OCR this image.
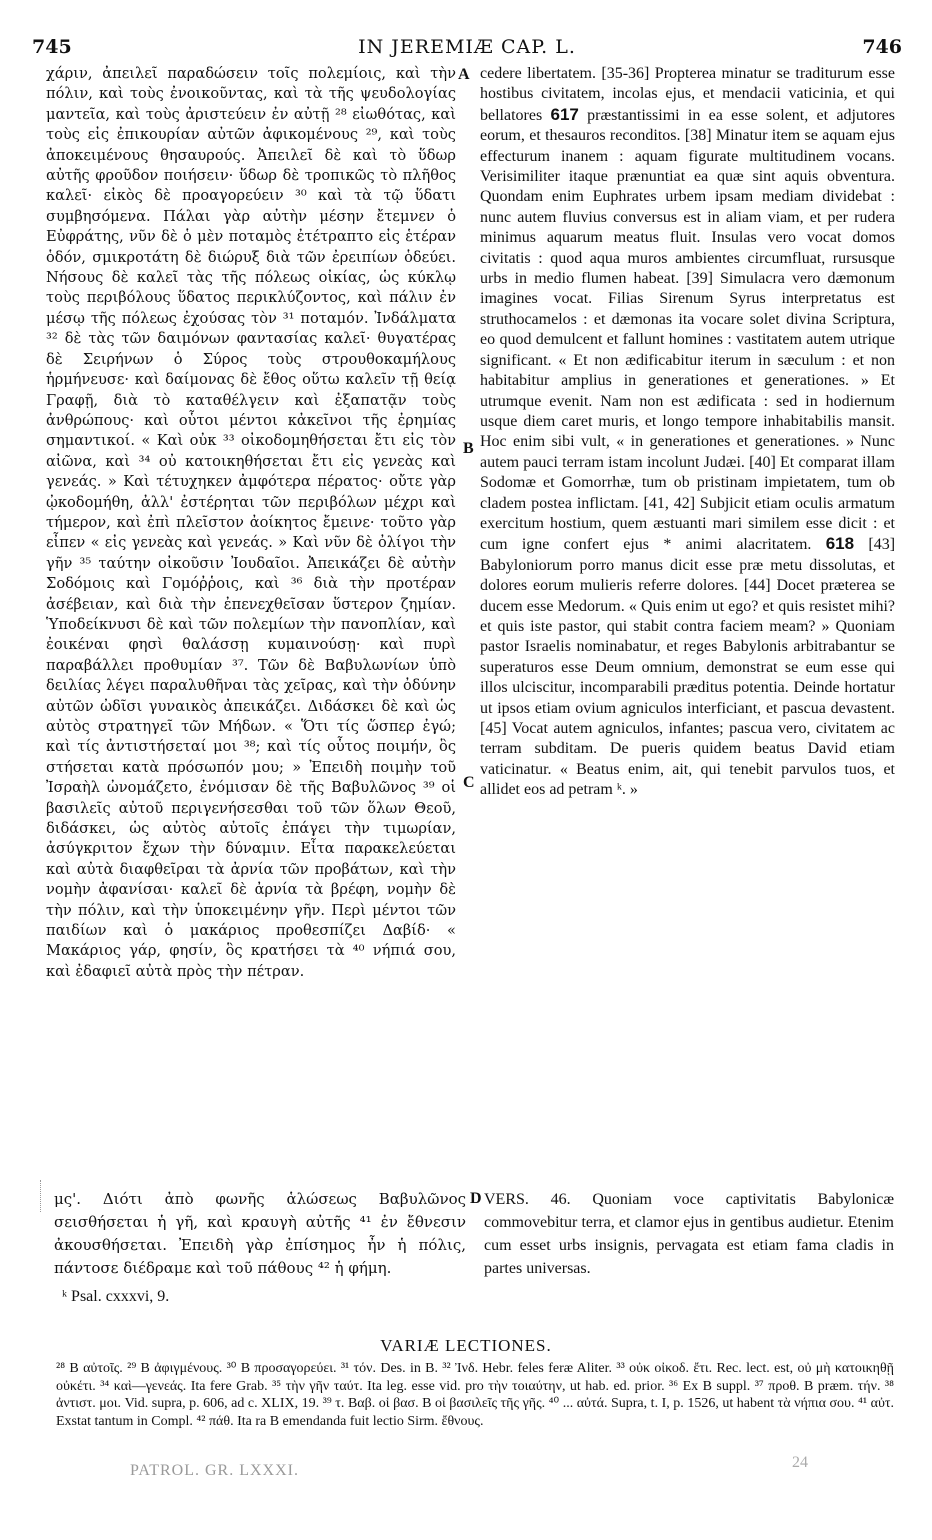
745	IN JEREMIÆ CAP. L.	746

χάριν, ἀπειλεῖ παραδώσειν τοῖς πολεμίοις, καὶ τὴν πόλιν, καὶ τοὺς ἐνοικοῦντας, καὶ τὰ τῆς ψευδολογίας μαντεῖα, καὶ τοὺς ἀριστεύειν ἐν αὐτῇ ²⁸ εἰωθότας, καὶ τοὺς εἰς ἐπικουρίαν αὐτῶν ἀφικομένους ²⁹, καὶ τοὺς ἀποκειμένους θησαυρούς. Ἀπειλεῖ δὲ καὶ τὸ ὕδωρ αὐτῆς φροῦδον ποιήσειν· ὕδωρ δὲ τροπικῶς τὸ πλῆθος καλεῖ· εἰκὸς δὲ προαγορεύειν ³⁰ καὶ τὰ τῷ ὕδατι συμβησόμενα. Πάλαι γὰρ αὐτὴν μέσην ἔτεμνεν ὁ Εὐφράτης, νῦν δὲ ὁ μὲν ποταμὸς ἐτέτραπτο εἰς ἑτέραν ὁδόν, σμικροτάτη δὲ διώρυξ διὰ τῶν ἐρειπίων ὁδεύει. Νήσους δὲ καλεῖ τὰς τῆς πόλεως οἰκίας, ὡς κύκλῳ τοὺς περιβόλους ὕδατος περικλύζοντος, καὶ πάλιν ἐν μέσῳ τῆς πόλεως ἐχούσας τὸν ³¹ ποταμόν. Ἰνδάλματα ³² δὲ τὰς τῶν δαιμόνων φαντασίας καλεῖ· θυγατέρας δὲ Σειρήνων ὁ Σύρος τοὺς στρουθοκαμήλους ἡρμήνευσε· καὶ δαίμονας δὲ ἔθος οὕτω καλεῖν τῇ θείᾳ Γραφῇ, διὰ τὸ καταθέλγειν καὶ ἐξαπατᾷν τοὺς ἀνθρώπους· καὶ οὗτοι μέντοι κἀκεῖνοι τῆς ἐρημίας σημαντικοί. « Καὶ οὐκ ³³ οἰκοδομηθήσεται ἔτι εἰς τὸν αἰῶνα, καὶ ³⁴ οὐ κατοικηθήσεται ἔτι εἰς γενεὰς καὶ γενεάς. » Καὶ τέτυχηκεν ἀμφότερα πέρατος· οὔτε γὰρ ᾠκοδομήθη, ἀλλ' ἐστέρηται τῶν περιβόλων μέχρι καὶ τήμερον, καὶ ἐπὶ πλεῖστον ἀοίκητος ἔμεινε· τοῦτο γὰρ εἶπεν « εἰς γενεὰς καὶ γενεάς. » Καὶ νῦν δὲ ὀλίγοι τὴν γῆν ³⁵ ταύτην οἰκοῦσιν Ἰουδαῖοι. Ἀπεικάζει δὲ αὐτὴν Σοδόμοις καὶ Γομόῤῥοις, καὶ ³⁶ διὰ τὴν προτέραν ἀσέβειαν, καὶ διὰ τὴν ἐπενεχθεῖσαν ὕστερον ζημίαν. Ὑποδείκνυσι δὲ καὶ τῶν πολεμίων τὴν πανοπλίαν, καὶ ἐοικέναι φησὶ θαλάσσῃ κυμαινούσῃ· καὶ πυρὶ παραβάλλει προθυμίαν ³⁷. Τῶν δὲ Βαβυλωνίων ὑπὸ δειλίας λέγει παραλυθῆναι τὰς χεῖρας, καὶ τὴν ὀδύνην αὐτῶν ὠδῖσι γυναικὸς ἀπεικάζει. Διδάσκει δὲ καὶ ὡς αὐτὸς στρατηγεῖ τῶν Μήδων. « Ὅτι τίς ὥσπερ ἐγώ; καὶ τίς ἀντιστήσεταί μοι ³⁸; καὶ τίς οὗτος ποιμήν, ὃς στήσεται κατὰ πρόσωπόν μου; » Ἐπειδὴ ποιμὴν τοῦ Ἰσραὴλ ὠνομάζετο, ἐνόμισαν δὲ τῆς Βαβυλῶνος ³⁹ οἱ βασιλεῖς αὐτοῦ περιγενήσεσθαι τοῦ τῶν ὅλων Θεοῦ, διδάσκει, ὡς αὐτὸς αὐτοῖς ἐπάγει τὴν τιμωρίαν, ἀσύγκριτον ἔχων τὴν δύναμιν. Εἶτα παρακελεύεται καὶ αὐτὰ διαφθεῖραι τὰ ἀρνία τῶν προβάτων, καὶ τὴν νομὴν ἀφανίσαι· καλεῖ δὲ ἀρνία τὰ βρέφη, νομὴν δὲ τὴν πόλιν, καὶ τὴν ὑποκειμένην γῆν. Περὶ μέντοι τῶν παιδίων καὶ ὁ μακάριος προθεσπίζει Δαβίδ· « Μακάριος γάρ, φησίν, ὃς κρατήσει τὰ ⁴⁰ νήπιά σου, καὶ ἐδαφιεῖ αὐτὰ πρὸς τὴν πέτραν.

A
B
C
D

cedere libertatem. [35-36] Propterea minatur se traditurum esse hostibus civitatem, incolas ejus, et mendacii vaticinia, et qui bellatores 617 præstantissimi in ea esse solent, et adjutores eorum, et thesauros reconditos. [38] Minatur item se aquam ejus effecturum inanem : aquam figurate multitudinem vocans. Verisimiliter itaque prænuntiat ea quæ sint aquis obventura. Quondam enim Euphrates urbem ipsam mediam dividebat : nunc autem fluvius conversus est in aliam viam, et per rudera minimus aquarum meatus fluit. Insulas vero vocat domos civitatis : quod aqua muros ambientes circumfluat, rursusque urbs in medio flumen habeat. [39] Simulacra vero dæmonum imagines vocat. Filias Sirenum Syrus interpretatus est struthocamelos : et dæmonas ita vocare solet divina Scriptura, eo quod demulcent et fallunt homines : vastitatem autem utrique significant. « Et non ædificabitur iterum in sæculum : et non habitabitur amplius in generationes et generationes. » Et utrumque evenit. Nam non est ædificata : sed in hodiernum usque diem caret muris, et longo tempore inhabitabilis mansit. Hoc enim sibi vult, « in generationes et generationes. » Nunc autem pauci terram istam incolunt Judæi. [40] Et comparat illam Sodomæ et Gomorrhæ, tum ob pristinam impietatem, tum ob cladem postea inflictam. [41, 42] Subjicit etiam oculis armatum exercitum hostium, quem æstuanti mari similem esse dicit : et cum igne confert ejus * animi alacritatem. 618 [43] Babyloniorum porro manus dicit esse præ metu dissolutas, et dolores eorum mulieris referre dolores. [44] Docet præterea se ducem esse Medorum. « Quis enim ut ego? et quis resistet mihi? et quis iste pastor, qui stabit contra faciem meam? » Quoniam pastor Israelis nominabatur, et reges Babylonis arbitrabantur se superaturos esse Deum omnium, demonstrat se eum esse qui illos ulciscitur, incomparabili præditus potentia. Deinde hortatur ut ipsos etiam ovium agniculos interficiant, et pascua devastent. [45] Vocat autem agniculos, infantes; pascua vero, civitatem ac terram subditam. De pueris quidem beatus David etiam vaticinatur. « Beatus enim, ait, qui tenebit parvulos tuos, et allidet eos ad petram ᵏ. »

μς'. Διότι ἀπὸ φωνῆς ἁλώσεως Βαβυλῶνος σεισθήσεται ἡ γῆ, καὶ κραυγὴ αὐτῆς ⁴¹ ἐν ἔθνεσιν ἀκουσθήσεται. Ἐπειδὴ γὰρ ἐπίσημος ἦν ἡ πόλις, πάντοσε διέδραμε καὶ τοῦ πάθους ⁴² ἡ φήμη.
VERS. 46. Quoniam voce captivitatis Babylonicæ commovebitur terra, et clamor ejus in gentibus audietur. Etenim cum esset urbs insignis, pervagata est etiam fama cladis in partes universas.
ᵏ Psal. cxxxvi, 9.
VARIÆ LECTIONES.
²⁸ B αὐτοῖς. ²⁹ B ἀφιγμένους. ³⁰ B προσαγορεύει. ³¹ τόν. Des. in B. ³² Ἰνδ. Hebr. feles feræ Aliter. ³³ οὐκ οἰκοδ. ἔτι. Rec. lect. est, οὐ μὴ κατοικηθῇ οὐκέτι. ³⁴ καὶ—γενεάς. Ita fere Grab. ³⁵ τὴν γῆν ταύτ. Ita leg. esse vid. pro τὴν τοιαύτην, ut hab. ed. prior. ³⁶ Ex B suppl. ³⁷ προθ. B præm. τήν. ³⁸ ἀντιστ. μοι. Vid. supra, p. 606, ad c. XLIX, 19. ³⁹ τ. Βαβ. οἱ βασ. B οἱ βασιλεῖς τῆς γῆς. ⁴⁰ ... αὐτά. Supra, t. I, p. 1526, ut habent τὰ νήπια σου. ⁴¹ αὐτ. Exstat tantum in Compl. ⁴² πάθ. Ita ra B emendanda fuit lectio Sirm. ἔθνους.
PATROL. GR. LXXXI.	24
